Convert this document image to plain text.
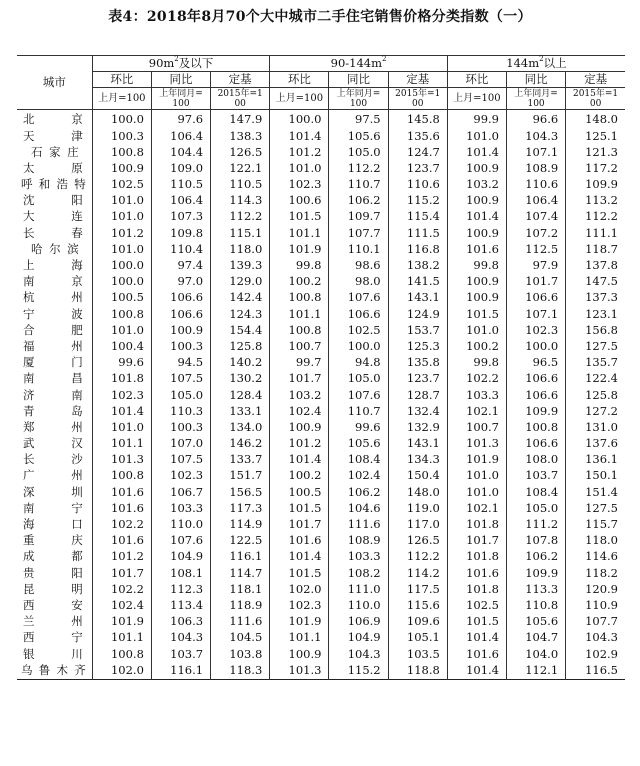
表4：2018年8月70个大中城市二手住宅销售价格分类指数（一）
城市	$90m^2$及以下			$90-144m^2$			$144m^2$以上		
	环比	同比	定基	环比	同比	定基	环比	同比	定基
	上月=100	上年同月=100	2015年=100	上月=100	上年同月=100	2015年=100	上月=100	上年同月=100	2015年=100
北京	100.0	97.6	147.9	100.0	97.5	145.8	99.9	96.6	148.0
天津	100.3	106.4	138.3	101.4	105.6	135.6	101.0	104.3	125.1
石家庄	100.8	104.4	126.5	101.2	105.0	124.7	101.4	107.1	121.3
太原	100.9	109.0	122.1	101.0	112.2	123.7	100.9	108.9	117.2
呼和浩特	102.5	110.5	110.5	102.3	110.7	110.6	103.2	110.6	109.9
沈阳	101.0	106.4	114.3	100.6	106.2	115.2	100.9	106.4	113.2
大连	101.0	107.3	112.2	101.5	109.7	115.4	101.4	107.4	112.2
长春	101.2	109.8	115.1	101.1	107.7	111.5	100.9	107.2	111.1
哈尔滨	101.0	110.4	118.0	101.9	110.1	116.8	101.6	112.5	118.7
上海	100.0	97.4	139.3	99.8	98.6	138.2	99.8	97.9	137.8
南京	100.0	97.0	129.0	100.2	98.0	141.5	100.9	101.7	147.5
杭州	100.5	106.6	142.4	100.8	107.6	143.1	100.9	106.6	137.3
宁波	100.8	106.6	124.3	101.1	106.6	124.9	101.5	107.1	123.1
合肥	101.0	100.9	154.4	100.8	102.5	153.7	101.0	102.3	156.8
福州	100.4	100.3	125.8	100.7	100.0	125.3	100.2	100.0	127.5
厦门	99.6	94.5	140.2	99.7	94.8	135.8	99.8	96.5	135.7
南昌	101.8	107.5	130.2	101.7	105.0	123.7	102.2	106.6	122.4
济南	102.3	105.0	128.4	103.2	107.6	128.7	103.3	106.6	125.8
青岛	101.4	110.3	133.1	102.4	110.7	132.4	102.1	109.9	127.2
郑州	101.0	100.3	134.0	100.9	99.6	132.9	100.7	100.8	131.0
武汉	101.1	107.0	146.2	101.2	105.6	143.1	101.3	106.6	137.6
长沙	101.3	107.5	133.7	101.4	108.4	134.3	101.9	108.0	136.1
广州	100.8	102.3	151.7	100.2	102.4	150.4	101.0	103.7	150.1
深圳	101.6	106.7	156.5	100.5	106.2	148.0	101.0	108.4	151.4
南宁	101.6	103.3	117.3	101.5	104.6	119.0	102.1	105.0	127.5
海口	102.2	110.0	114.9	101.7	111.6	117.0	101.8	111.2	115.7
重庆	101.6	107.6	122.5	101.6	108.9	126.5	101.7	107.8	118.0
成都	101.2	104.9	116.1	101.4	103.3	112.2	101.8	106.2	114.6
贵阳	101.7	108.1	114.7	101.5	108.2	114.2	101.6	109.9	118.2
昆明	102.2	112.3	118.1	102.0	111.0	117.5	101.8	113.3	120.9
西安	102.4	113.4	118.9	102.3	110.0	115.6	102.5	110.8	110.9
兰州	101.9	106.3	111.6	101.9	106.9	109.6	101.5	105.6	107.7
西宁	101.1	104.3	104.5	101.1	104.9	105.1	101.4	104.7	104.3
银川	100.8	103.7	103.8	100.9	104.3	103.5	101.6	104.0	102.9
乌鲁木齐	102.0	116.1	118.3	101.3	115.2	118.8	101.4	112.1	116.5
